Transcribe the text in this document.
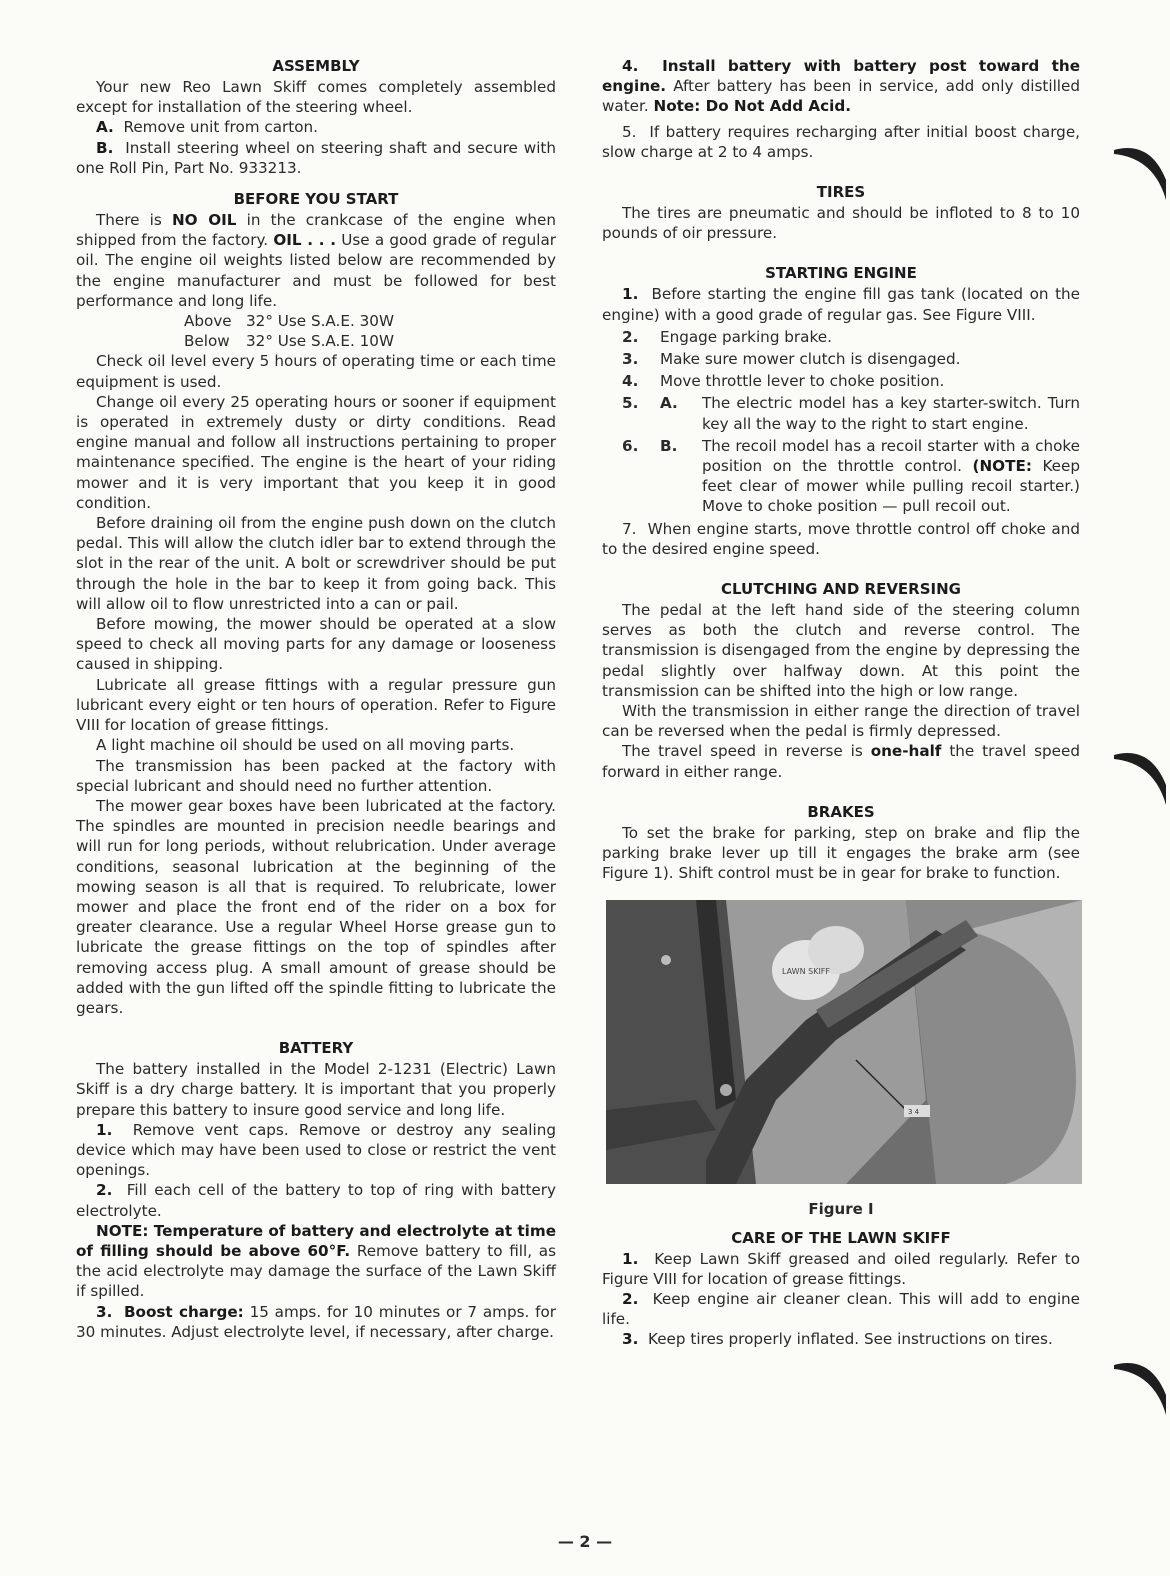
ASSEMBLY

Your new Reo Lawn Skiff comes completely assembled except for installation of the steering wheel.

A. Remove unit from carton.

B. Install steering wheel on steering shaft and secure with one Roll Pin, Part No. 933213.

BEFORE YOU START

There is NO OIL in the crankcase of the engine when shipped from the factory. OIL . . . Use a good grade of regular oil. The engine oil weights listed below are recommended by the engine manufacturer and must be followed for best performance and long life.

Above 32° Use S.A.E. 30W
Below 32° Use S.A.E. 10W

Check oil level every 5 hours of operating time or each time equipment is used.

Change oil every 25 operating hours or sooner if equipment is operated in extremely dusty or dirty conditions. Read engine manual and follow all instructions pertaining to proper maintenance specified. The engine is the heart of your riding mower and it is very important that you keep it in good condition.

Before draining oil from the engine push down on the clutch pedal. This will allow the clutch idler bar to extend through the slot in the rear of the unit. A bolt or screwdriver should be put through the hole in the bar to keep it from going back. This will allow oil to flow unrestricted into a can or pail.

Before mowing, the mower should be operated at a slow speed to check all moving parts for any damage or looseness caused in shipping.

Lubricate all grease fittings with a regular pressure gun lubricant every eight or ten hours of operation. Refer to Figure VIII for location of grease fittings.

A light machine oil should be used on all moving parts.

The transmission has been packed at the factory with special lubricant and should need no further attention.

The mower gear boxes have been lubricated at the factory. The spindles are mounted in precision needle bearings and will run for long periods, without relubrication. Under average conditions, seasonal lubrication at the beginning of the mowing season is all that is required. To relubricate, lower mower and place the front end of the rider on a box for greater clearance. Use a regular Wheel Horse grease gun to lubricate the grease fittings on the top of spindles after removing access plug. A small amount of grease should be added with the gun lifted off the spindle fitting to lubricate the gears.

BATTERY

The battery installed in the Model 2-1231 (Electric) Lawn Skiff is a dry charge battery. It is important that you properly prepare this battery to insure good service and long life.

1. Remove vent caps. Remove or destroy any sealing device which may have been used to close or restrict the vent openings.

2. Fill each cell of the battery to top of ring with battery electrolyte.

NOTE: Temperature of battery and electrolyte at time of filling should be above 60°F. Remove battery to fill, as the acid electrolyte may damage the surface of the Lawn Skiff if spilled.

3. Boost charge: 15 amps. for 10 minutes or 7 amps. for 30 minutes. Adjust electrolyte level, if necessary, after charge.

4. Install battery with battery post toward the engine. After battery has been in service, add only distilled water. Note: Do Not Add Acid.

5. If battery requires recharging after initial boost charge, slow charge at 2 to 4 amps.

TIRES

The tires are pneumatic and should be infloted to 8 to 10 pounds of oir pressure.

STARTING ENGINE

1. Before starting the engine fill gas tank (located on the engine) with a good grade of regular gas. See Figure VIII.

2.	Engage parking brake.
3.	Make sure mower clutch is disengaged.
4.	Move throttle lever to choke position.
5.	A.	The electric model has a key starter-switch. Turn key all the way to the right to start engine.
6.	B.	The recoil model has a recoil starter with a choke position on the throttle control. (NOTE: Keep feet clear of mower while pulling recoil starter.) Move to choke position — pull recoil out.

7. When engine starts, move throttle control off choke and to the desired engine speed.

CLUTCHING AND REVERSING

The pedal at the left hand side of the steering column serves as both the clutch and reverse control. The transmission is disengaged from the engine by depressing the pedal slightly over halfway down. At this point the transmission can be shifted into the high or low range.

With the transmission in either range the direction of travel can be reversed when the pedal is firmly depressed.

The travel speed in reverse is one-half the travel speed forward in either range.

BRAKES

To set the brake for parking, step on brake and flip the parking brake lever up till it engages the brake arm (see Figure 1). Shift control must be in gear for brake to function.

LAWN SKIFF
3 4
Figure I
CARE OF THE LAWN SKIFF

1. Keep Lawn Skiff greased and oiled regularly. Refer to Figure VIII for location of grease fittings.

2. Keep engine air cleaner clean. This will add to engine life.

3. Keep tires properly inflated. See instructions on tires.

— 2 —
